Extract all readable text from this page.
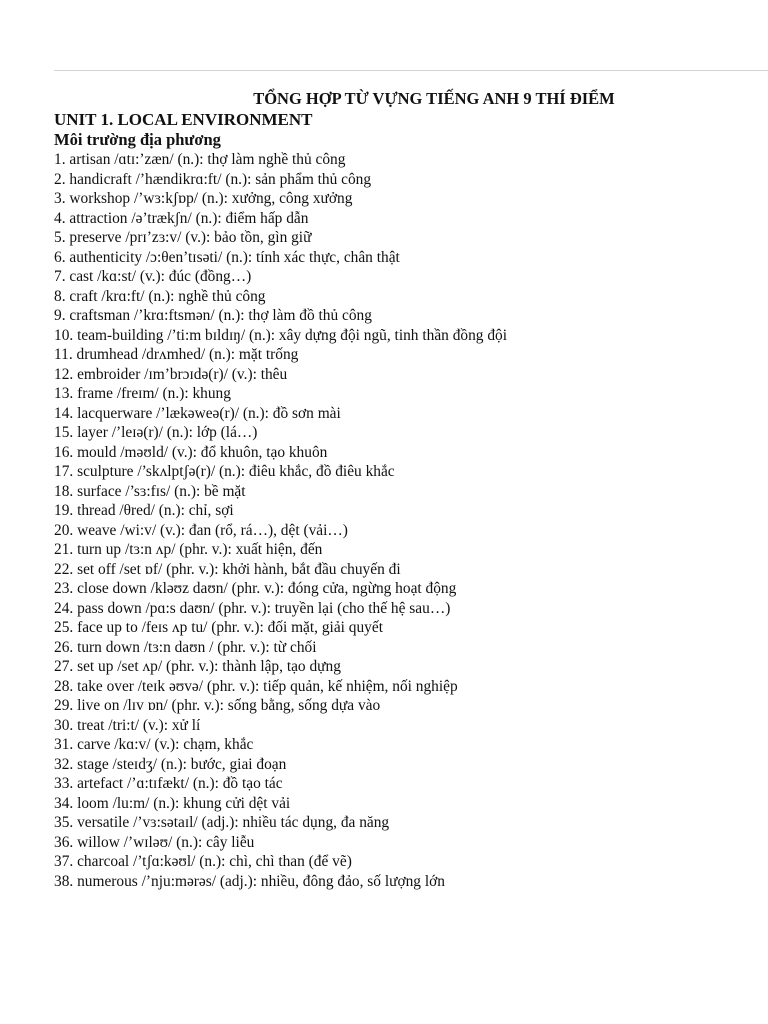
TỔNG HỢP TỪ VỰNG TIẾNG ANH 9 THÍ ĐIỂM
UNIT 1. LOCAL ENVIRONMENT
Môi trường địa phương
1. artisan /ɑtɪ:’zæn/ (n.): thợ làm nghề thủ công
2. handicraft /’hændikrɑ:ft/ (n.): sản phẩm thủ công
3. workshop /’wɜ:kʃɒp/ (n.): xưởng, công xưởng
4. attraction /ə’trækʃn/ (n.): điểm hấp dẫn
5. preserve /prɪ’zɜ:v/ (v.): bảo tồn, gìn giữ
6. authenticity /ɔ:θen’tɪsəti/ (n.): tính xác thực, chân thật
7. cast /kɑ:st/ (v.): đúc (đồng…)
8. craft /krɑ:ft/ (n.): nghề thủ công
9. craftsman /’krɑ:ftsmən/ (n.): thợ làm đồ thủ công
10. team-building /’ti:m bɪldɪŋ/ (n.): xây dựng đội ngũ, tinh thần đồng đội
11. drumhead /drʌmhed/ (n.): mặt trống
12. embroider /ɪm’brɔɪdə(r)/ (v.): thêu
13. frame /freɪm/ (n.): khung
14. lacquerware /’lækəweə(r)/ (n.): đồ sơn mài
15. layer /’leɪə(r)/ (n.): lớp (lá…)
16. mould /məʊld/ (v.): đổ khuôn, tạo khuôn
17. sculpture /’skʌlptʃə(r)/ (n.): điêu khắc, đồ điêu khắc
18. surface /’sɜ:fɪs/ (n.): bề mặt
19. thread /θred/ (n.): chỉ, sợi
20. weave /wi:v/ (v.): đan (rổ, rá…), dệt (vải…)
21. turn up /tɜ:n ʌp/ (phr. v.): xuất hiện, đến
22. set off /set ɒf/ (phr. v.): khởi hành, bắt đầu chuyến đi
23. close down /kləʊz daʊn/ (phr. v.): đóng cửa, ngừng hoạt động
24. pass down /pɑ:s daʊn/ (phr. v.): truyền lại (cho thế hệ sau…)
25. face up to /feɪs ʌp tu/ (phr. v.): đối mặt, giải quyết
26. turn down /tɜ:n daʊn / (phr. v.): từ chối
27. set up /set ʌp/ (phr. v.): thành lập, tạo dựng
28. take over /teɪk əʊvə/ (phr. v.): tiếp quản, kế nhiệm, nối nghiệp
29. live on /lɪv ɒn/ (phr. v.): sống bằng, sống dựa vào
30. treat /tri:t/ (v.): xử lí
31. carve /kɑ:v/ (v.): chạm, khắc
32. stage /steɪdʒ/ (n.): bước, giai đoạn
33. artefact /’ɑ:tɪfækt/ (n.): đồ tạo tác
34. loom /lu:m/ (n.): khung cửi dệt vải
35. versatile /’vɜ:sətaɪl/ (adj.): nhiều tác dụng, đa năng
36. willow /’wɪləʊ/ (n.): cây liễu
37. charcoal /’tʃɑ:kəʊl/ (n.): chì, chì than (để vẽ)
38. numerous /’nju:mərəs/ (adj.): nhiều, đông đảo, số lượng lớn
